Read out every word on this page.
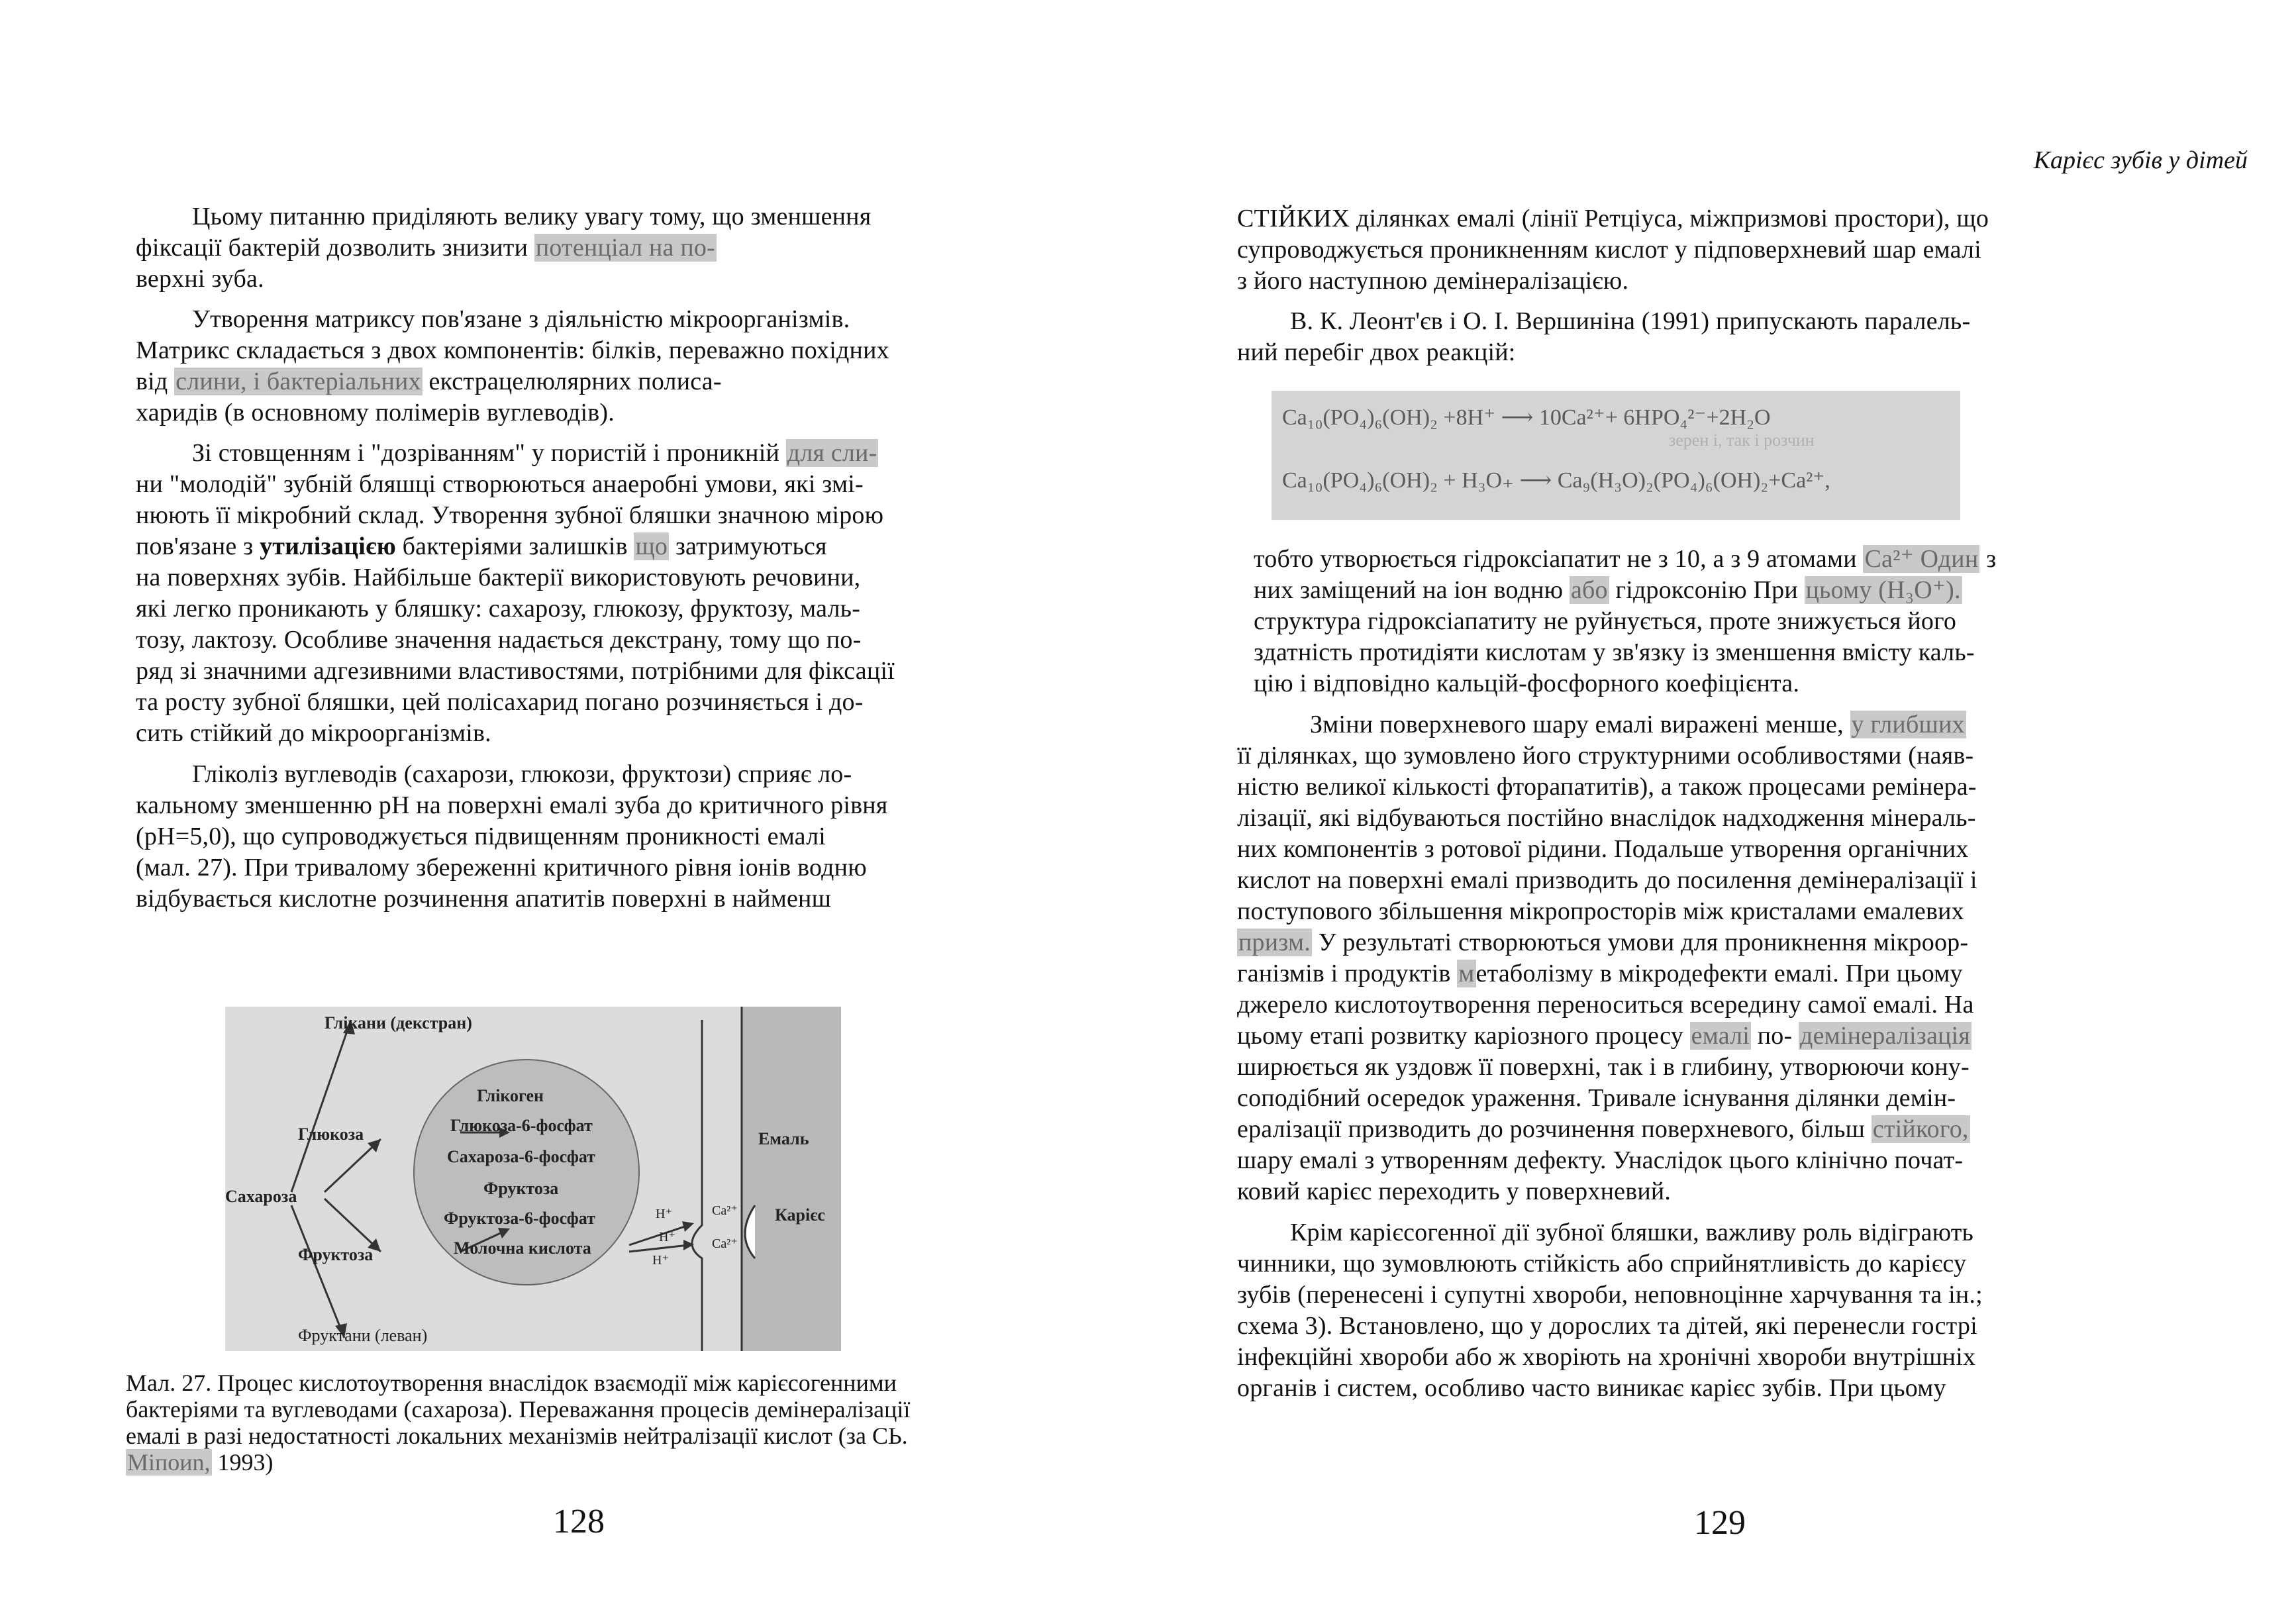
Цьому питанню приділяють велику увагу тому, що зменшення
фіксації бактерій дозволить знизити потенціал на по-
верхні зуба.
Утворення матриксу пов'язане з діяльністю мікроорганізмів.
Матрикс складається з двох компонентів: білків, переважно похідних
від слини, і бактеріальних екстрацелюлярних полиса-
харидів (в основному полімерів вуглеводів).
Зі стовщенням і "дозріванням" у пористій і проникній для сли-
ни "молодій" зубній бляшці створюються анаеробні умови, які змі-
нюють її мікробний склад. Утворення зубної бляшки значною мірою
пов'язане з утилізацією бактеріями залишків що затримуються
на поверхнях зубів. Найбільше бактерії використовують речовини,
які легко проникають у бляшку: сахарозу, глюкозу, фруктозу, маль-
тозу, лактозу. Особливе значення надається декстрану, тому що по-
ряд зі значними адгезивними властивостями, потрібними для фіксації
та росту зубної бляшки, цей полісахарид погано розчиняється і до-
сить стійкий до мікроорганізмів.
Гліколіз вуглеводів (сахарози, глюкози, фруктози) сприяє ло-
кальному зменшенню рН на поверхні емалі зуба до критичного рівня
(рН=5,0), що супроводжується підвищенням проникності емалі
(мал. 27). При тривалому збереженні критичного рівня іонів водню
відбувається кислотне розчинення апатитів поверхні в найменш
Глікани (декстран)
Глюкоза
Сахароза
Фруктоза
Емаль
Карієс
Глікоген
Глюкоза-6-фосфат
Сахароза-6-фосфат
Фруктоза
Фруктоза-6-фосфат
Молочна кислота
H⁺
H⁺
H⁺
Ca²⁺
Ca²⁺
Фруктани (леван)
Мал. 27. Процес кислотоутворення внаслідок взаємодії між карієсогенними
бактеріями та вуглеводами (сахароза). Переважання процесів демінералізації
емалі в разі недостатності локальних механізмів нейтралізації кислот (за СЬ.
Міпоиn, 1993)
128
Карієс зубів у дітей
СТІЙКИХ ділянках емалі (лінії Ретціуса, міжпризмові простори), що
супроводжується проникненням кислот у підповерхневий шар емалі
з його наступною демінералізацією.
В. К. Леонт'єв і О. І. Вершиніна (1991) припускають паралель-
ний перебіг двох реакцій:
Ca₁₀(PO₄)₆(OH)₂ +8H⁺ ⟶ 10Ca²⁺+ 6HPO₄²⁻+2H₂O
зерен і, так і розчин
Ca₁₀(PO₄)₆(OH)₂ + H₃O₊ ⟶ Ca₉(H₃O)₂(PO₄)₆(OH)₂+Ca²⁺,
тобто утворюється гідроксіапатит не з 10, а з 9 атомами Ca²⁺ Один з
них заміщений на іон водню або гідроксонію При цьому (H₃O⁺).
структура гідроксіапатиту не руйнується, проте знижується його
здатність протидіяти кислотам у зв'язку із зменшення вмісту каль-
цію і відповідно кальцій-фосфорного коефіцієнта.
Зміни поверхневого шару емалі виражені менше, у глибших
її ділянках, що зумовлено його структурними особливостями (наяв-
ністю великої кількості фторапатитів), а також процесами ремінера-
лізації, які відбуваються постійно внаслідок надходження мінераль-
них компонентів з ротової рідини. Подальше утворення органічних
кислот на поверхні емалі призводить до посилення демінералізації і
поступового збільшення мікропросторів між кристалами емалевих
призм. У результаті створюються умови для проникнення мікроор-
ганізмів і продуктів метаболізму в мікродефекти емалі. При цьому
джерело кислотоутворення переноситься всередину самої емалі. На
цьому етапі розвитку каріозного процесу емалі по- демінералізація
ширюється як уздовж її поверхні, так і в глибину, утворюючи кону-
соподібний осередок ураження. Тривале існування ділянки демін-
ералізації призводить до розчинення поверхневого, більш стійкого,
шару емалі з утворенням дефекту. Унаслідок цього клінічно почат-
ковий карієс переходить у поверхневий.
Крім карієсогенної дії зубної бляшки, важливу роль відіграють
чинники, що зумовлюють стійкість або сприйнятливість до карієсу
зубів (перенесені і супутні хвороби, неповноцінне харчування та ін.;
схема 3). Встановлено, що у дорослих та дітей, які перенесли гострі
інфекційні хвороби або ж хворіють на хронічні хвороби внутрішніх
органів і систем, особливо часто виникає карієс зубів. При цьому
129
